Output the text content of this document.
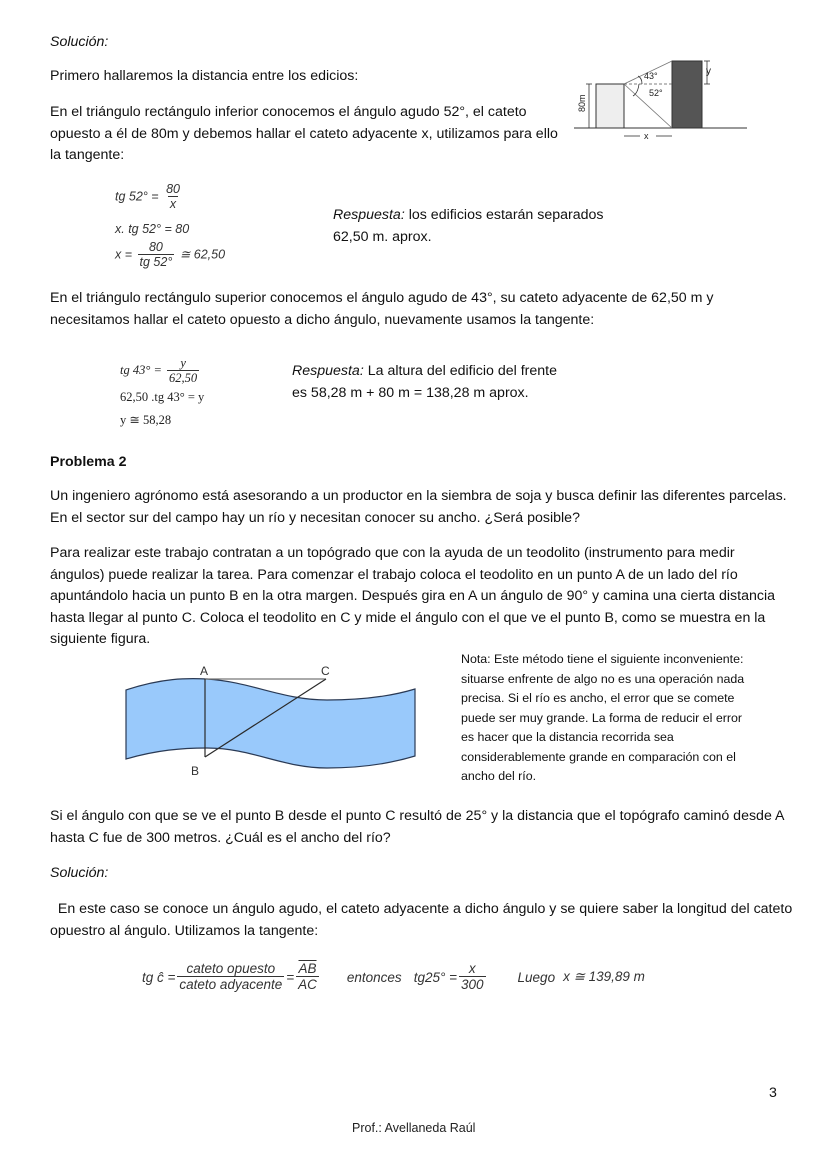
Solución:

Primero hallaremos la distancia entre los edicios:

En el triángulo rectángulo inferior conocemos el ángulo agudo 52°, el cateto

opuesto a él de 80m y debemos hallar el cateto adyacente x, utilizamos para ello

la tangente:

43°
52°
80m
x
y
tg $52^\circ = \frac{80}{x}$
x. tg 52° = 80
$x = \frac{80}{tg 52^\circ}$ ≅ 62,50

Respuesta: los edificios estarán separados

62,50 m. aprox.

En el triángulo rectángulo superior conocemos el ángulo agudo de 43°, su cateto adyacente de 62,50 m y

necesitamos hallar el cateto opuesto a dicho ángulo, nuevamente usamos la tangente:

tg $43^\circ = \frac{y}{62,50}$
62,50 .tg 43° = y
y ≅ 58,28

Respuesta: La altura del edificio del frente

es 58,28 m + 80 m = 138,28 m aprox.

Problema 2

Un ingeniero agrónomo está asesorando a un productor en la siembra de soja y busca definir las diferentes parcelas.

En el sector sur del campo hay un río y necesitan conocer su ancho. ¿Será posible?

Para realizar este trabajo contratan a un topógrado que con la ayuda de un teodolito (instrumento para medir

ángulos) puede realizar la tarea. Para comenzar el trabajo coloca el teodolito en un punto A de un lado del río

apuntándolo hacia un punto B en la otra margen. Después gira en A un ángulo de 90° y camina una cierta distancia

hasta llegar al punto C. Coloca el teodolito en C y mide el ángulo con el que ve el punto B, como se muestra en la

siguiente figura.

A	C
B

Nota: Este método tiene el siguiente inconveniente:

situarse enfrente de algo no es una operación nada

precisa. Si el río es ancho, el error que se comete

puede ser muy grande. La forma de reducir el error

es hacer que la distancia recorrida sea

considerablemente grande en comparación con el

ancho del río.

Si el ángulo con que se ve el punto B desde el punto C resultó de 25° y la distancia que el topógrafo caminó desde A

hasta C fue de 300 metros. ¿Cuál es el ancho del río?

Solución:

En este caso se conoce un ángulo agudo, el cateto adyacente a dicho ángulo y se quiere saber la longitud del cateto

opuestro al ángulo. Utilizamos la tangente:

tg ĉ = $\frac{\text{cateto opuesto}}{\text{cateto adyacente}} = \frac{\overline{AB}}{AC}$ entonces $tg25^\circ = \frac{x}{300}$ Luego x ≅ 139,89 m

3

Prof.: Avellaneda Raúl
